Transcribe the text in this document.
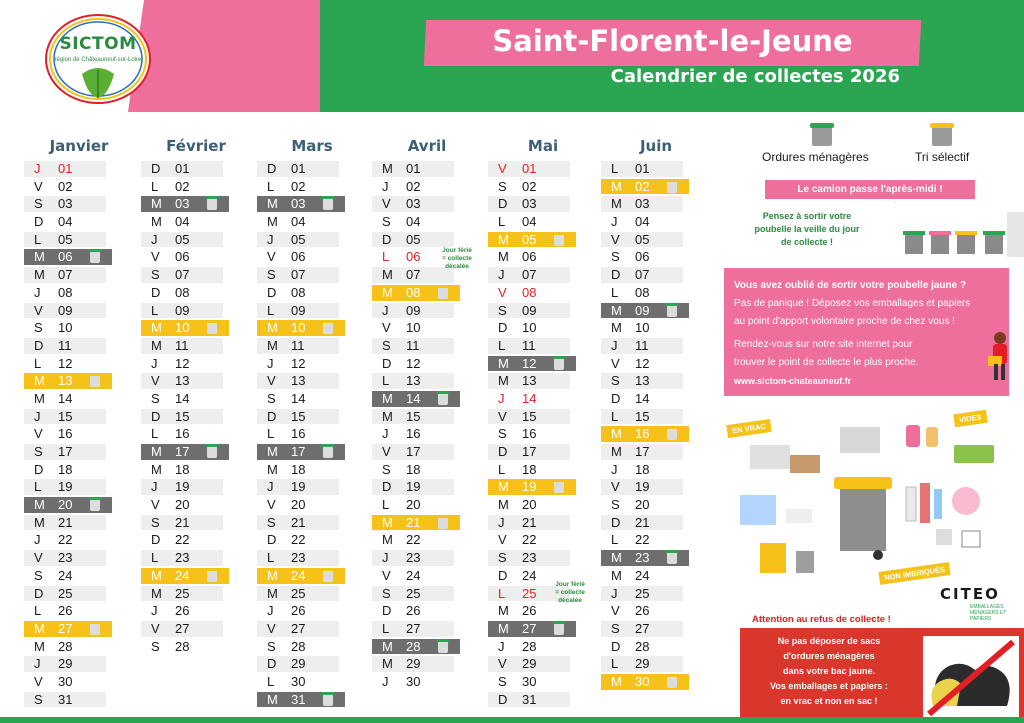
SICTOM
région de Châteauneuf-sur-Loire
Saint-Florent-le-Jeune
Calendrier de collectes 2026
Janvier
J	01
V	02
S	03
D	04
L	05
M 06
M 07
J	08
V	09
S	10
D	11
L	12
M 13
M 14
J	15
V	16
S	17
D	18
L	19
M 20
M 21
J	22
V	23
S	24
D	25
L	26
M 27
M 28
J	29
V	30
S	31
Février
D	01
L	02
M 03
M 04
J	05
V	06
S	07
D	08
L	09
M 10
M 11
J	12
V	13
S	14
D	15
L	16
M 17
M 18
J	19
V	20
S	21
D	22
L	23
M 24
M 25
J	26
V	27
S	28
Mars
D	01
L	02
M 03
M 04
J	05
V	06
S	07
D	08
L	09
M 10
M 11
J	12
V	13
S	14
D	15
L	16
M 17
M 18
J	19
V	20
S	21
D	22
L	23
M 24
M 25
J	26
V	27
S	28
D	29
L	30
M 31
Avril
M 01
J	02
V	03
S	04
D	05
L	06
M 07
M 08
J	09
V	10
S	11
D	12
L	13
M 14
M 15
J	16
V	17
S	18
D	19
L	20
M 21
M 22
J	23
V	24
S	25
D	26
L	27
M 28
M 29
J	30
Mai
V	01
S	02
D	03
L	04
M 05
M 06
J	07
V	08
S	09
D	10
L	11
M 12
M 13
J	14
V	15
S	16
D	17
L	18
M 19
M 20
J	21
V	22
S	23
D	24
L	25
M 26
M 27
J	28
V	29
S	30
D	31
Juin
L	01
M 02
M 03
J	04
V	05
S	06
D	07
L	08
M 09
M 10
J	11
V	12
S	13
D	14
L	15
M 16
M 17
J	18
V	19
S	20
D	21
L	22
M 23
M 24
J	25
V	26
S	27
D	28
L	29
M 30
Jour férié
= collecte
décalée
Jour férié
= collecte
décalée
Ordures ménagères	Tri sélectif
Le camion passe l'après-midi !
Pensez à sortir votre
poubelle la veille du jour
de collecte !
Vous avez oublié de sortir votre poubelle jaune ?
Pas de panique ! Déposez vos emballages et papiers
au point d'apport volontaire proche de chez vous !
Rendez-vous sur notre site internet pour
trouver le point de collecte le plus proche.
www.sictom-chateauneuf.fr
EN VRAC
VIDES
NON IMBRIQUÉS
CITEO
EMBALLAGES
MÉNAGERS ET PAPIERS
Attention au refus de collecte !
Ne pas déposer de sacs
d'ordures ménagères
dans votre bac jaune.
Vos emballages et papiers :
en vrac et non en sac !
